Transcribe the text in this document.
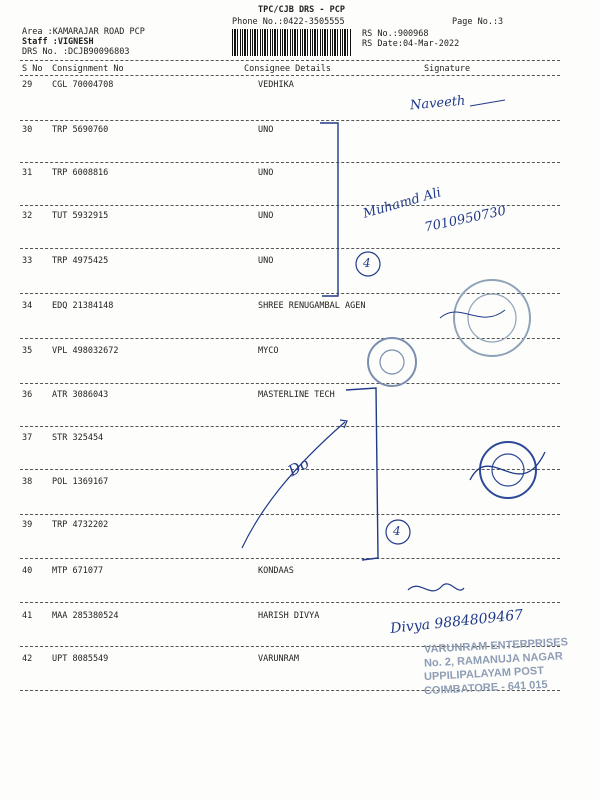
TPC/CJB DRS - PCP
Phone No.:0422-3505555	Page No.:3
Area :KAMARAJAR ROAD PCP
Staff :VIGNESH
DRS No. :DCJB90096803
RS No.:900968
RS Date:04-Mar-2022
S No Consignment No	Consignee Details	Signature
29 CGL 70004708	VEDHIKA
30 TRP 5690760	UNO
31 TRP 6008816	UNO
32 TUT 5932915	UNO
33 TRP 4975425	UNO
34 EDQ 21384148	SHREE RENUGAMBAL AGEN
35 VPL 498032672	MYCO
36 ATR 3086043	MASTERLINE TECH
37 STR 325454
38 POL 1369167
39 TRP 4732202
40 MTP 671077	KONDAAS
41 MAA 285380524	HARISH DIVYA
42 UPT 8085549	VARUNRAM
Naveeth
Muhamd Ali
7010950730
4
Do
4
Divya 9884809467
VARUNRAM ENTERPRISES
No. 2, RAMANUJA NAGAR
UPPILIPALAYAM POST
COIMBATORE - 641 015
